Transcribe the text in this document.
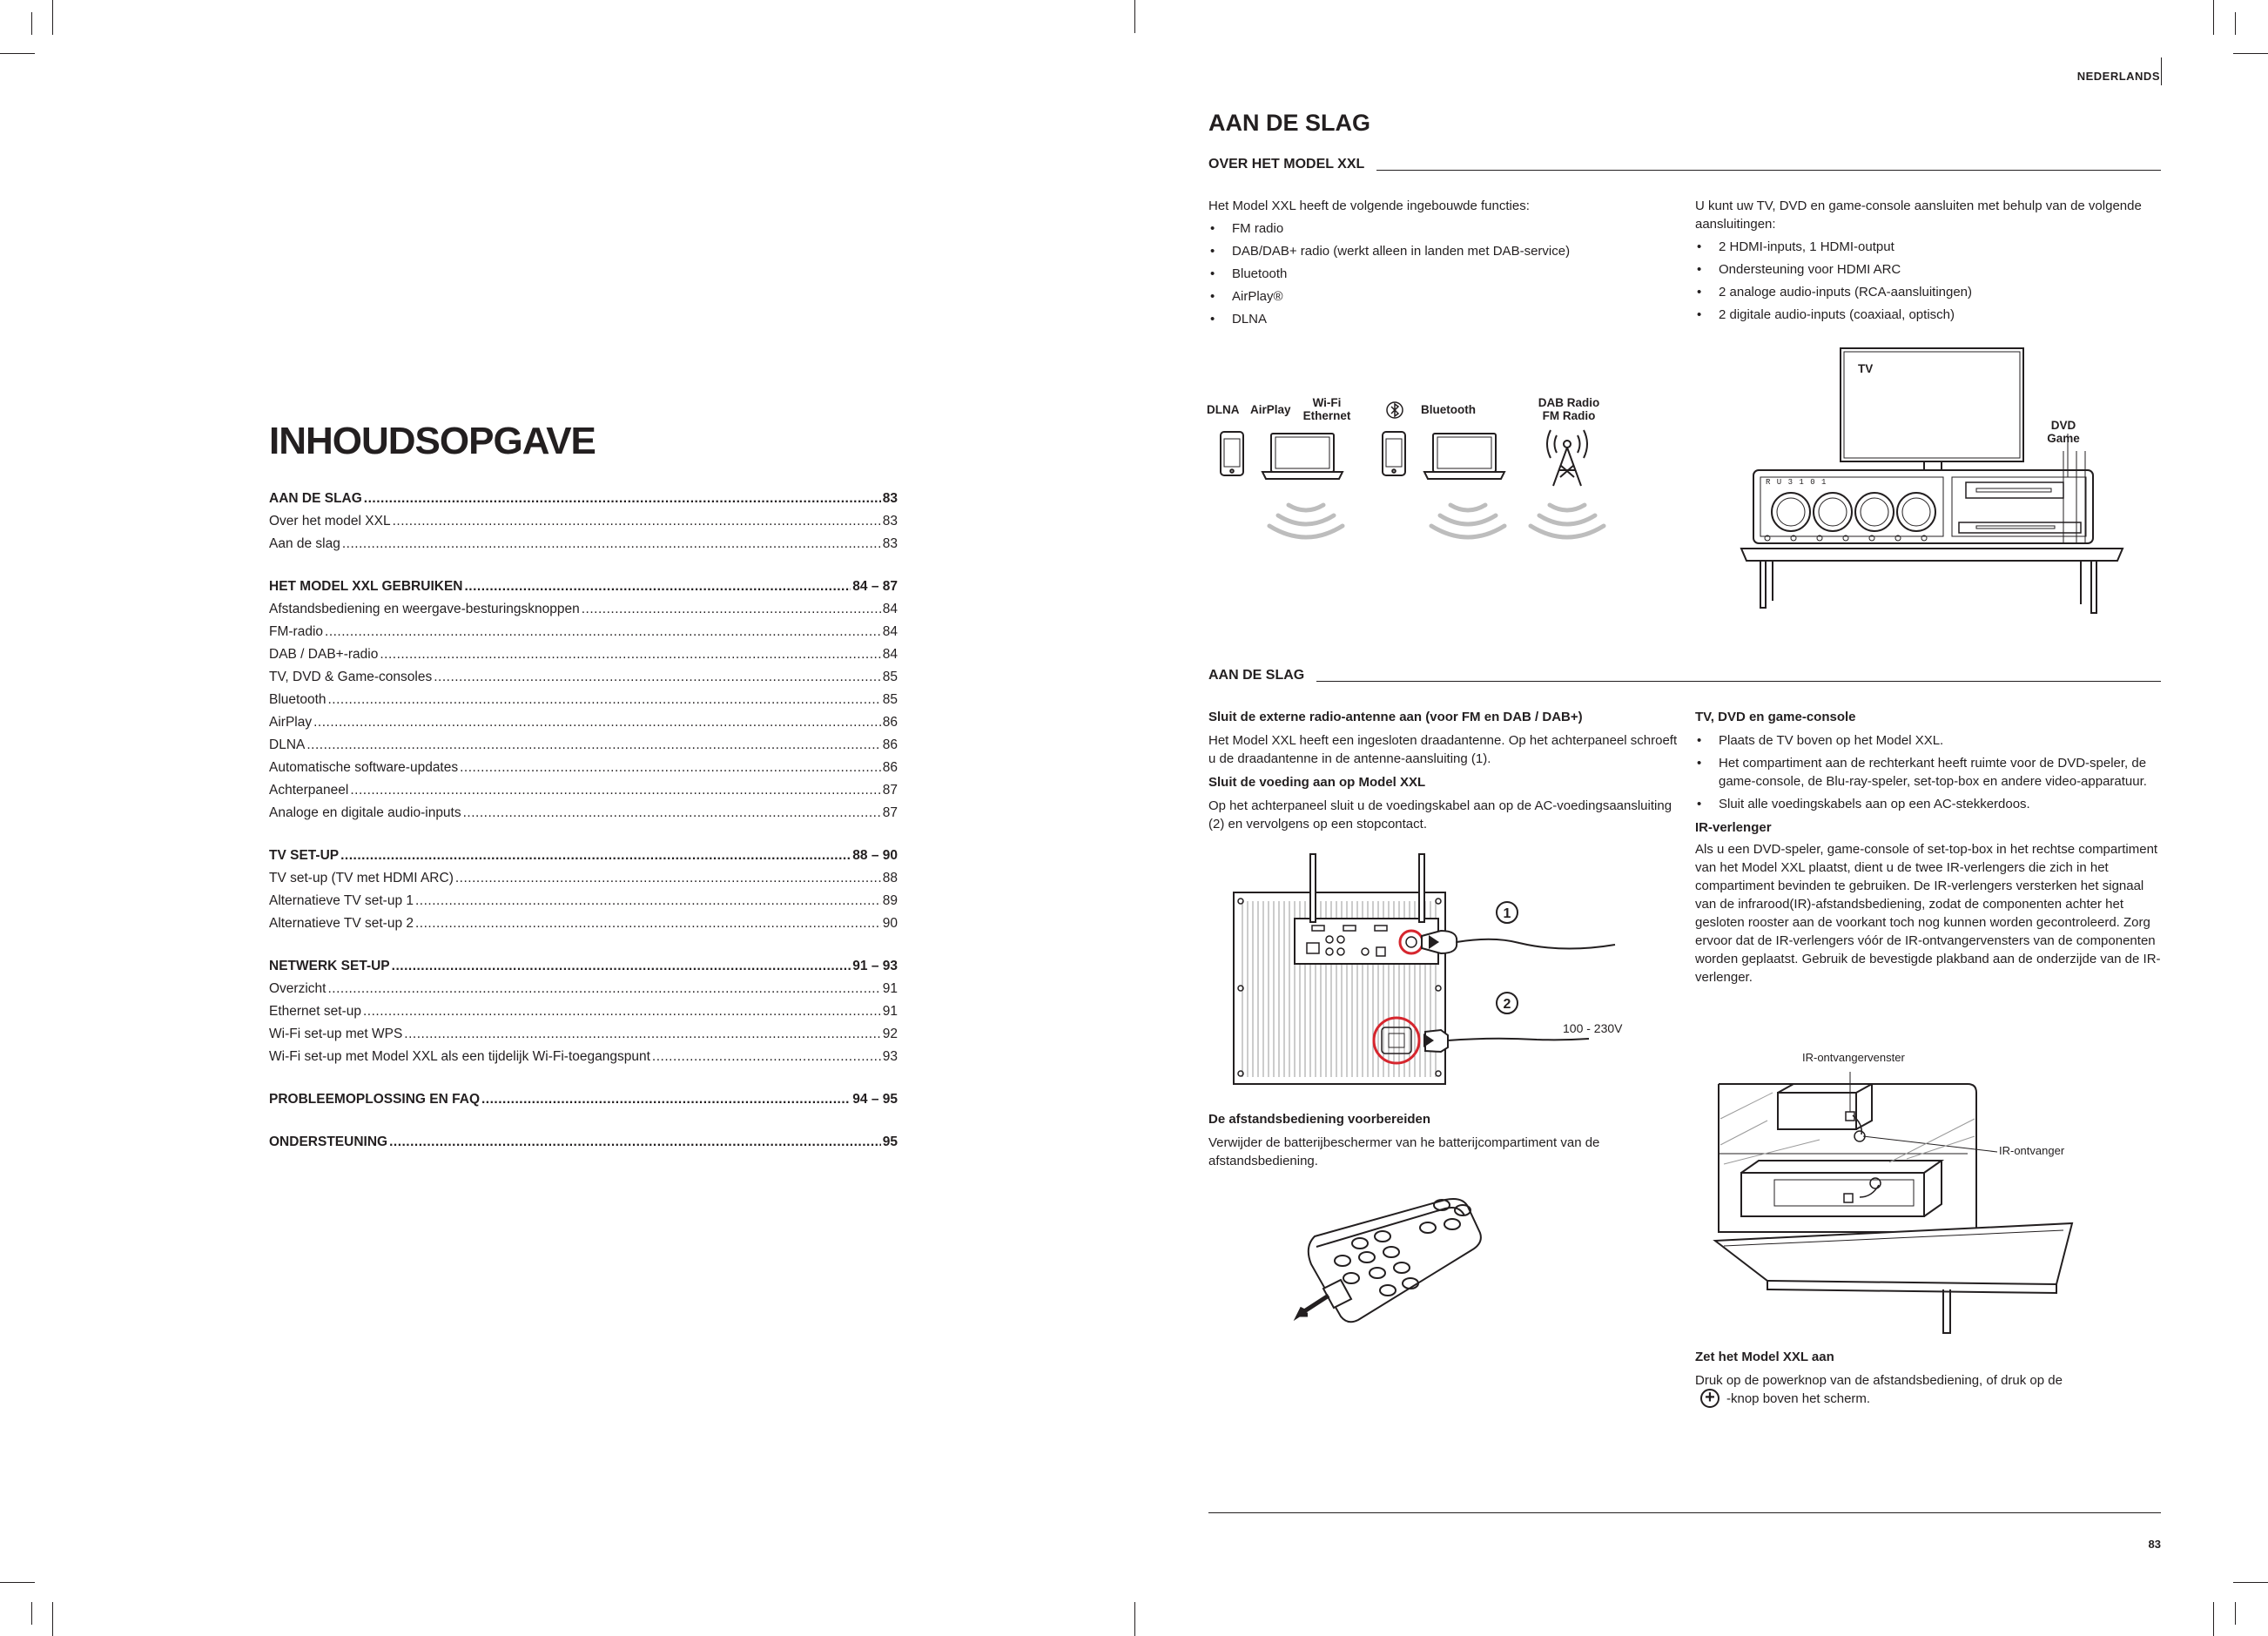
INHOUDSOPGAVE
AAN DE SLAG .....	83
Over het model XXL .....	83
Aan de slag .....	83
HET MODEL XXL GEBRUIKEN .....	84 – 87
Afstandsbediening en weergave-besturingsknoppen .....	84
FM-radio .....	84
DAB / DAB+-radio .....	84
TV, DVD & Game-consoles .....	85
Bluetooth .....	85
AirPlay .....	86
DLNA .....	86
Automatische software-updates .....	86
Achterpaneel .....	87
Analoge en digitale audio-inputs .....	87
TV SET-UP .....	88 – 90
TV set-up (TV met HDMI ARC) .....	88
Alternatieve TV set-up 1 .....	89
Alternatieve TV set-up 2 .....	90
NETWERK SET-UP .....	91 – 93
Overzicht .....	91
Ethernet set-up .....	91
Wi-Fi set-up met WPS .....	92
Wi-Fi set-up met Model XXL als een tijdelijk Wi-Fi-toegangspunt .....	93
PROBLEEMOPLOSSING EN FAQ .....	94 – 95
ONDERSTEUNING .....	95
NEDERLANDS
AAN DE SLAG
OVER HET MODEL XXL

Het Model XXL heeft de volgende ingebouwde functies:

• FM radio

• DAB/DAB+ radio (werkt alleen in landen met DAB-service)

• Bluetooth

• AirPlay®

• DLNA

U kunt uw TV, DVD en game-console aansluiten met behulp van de volgende aansluitingen:

• 2 HDMI-inputs, 1 HDMI-output

• Ondersteuning voor HDMI ARC

• 2 analoge audio-inputs (RCA-aansluitingen)

• 2 digitale audio-inputs (coaxiaal, optisch)

DLNA AirPlay
Wi-Fi
Ethernet	Bluetooth
DAB Radio
FM Radio
TV
DVD
Game
R U 3 1 0 1
AAN DE SLAG

Sluit de externe radio-antenne aan (voor FM en DAB / DAB+)

Het Model XXL heeft een ingesloten draadantenne. Op het achterpaneel schroeft u de draadantenne in de antenne-aansluiting (1).

Sluit de voeding aan op Model XXL

Op het achterpaneel sluit u de voedingskabel aan op de AC-voedingsaansluiting (2) en vervolgens op een stopcontact.

1
2
100 - 230V

De afstandsbediening voorbereiden

Verwijder de batterijbeschermer van he batterijcompartiment van de afstandsbediening.

TV, DVD en game-console

• Plaats de TV boven op het Model XXL.

• Het compartiment aan de rechterkant heeft ruimte voor de DVD-speler, de game-console, de Blu-ray-speler, set-top-box en andere video-apparatuur.

• Sluit alle voedingskabels aan op een AC-stekkerdoos.

IR-verlenger

Als u een DVD-speler, game-console of set-top-box in het rechtse compartiment van het Model XXL plaatst, dient u de twee IR-verlengers die zich in het compartiment bevinden te gebruiken. De IR-verlengers versterken het signaal van de infrarood(IR)-afstandsbediening, zodat de componenten achter het gesloten rooster aan de voorkant toch nog kunnen worden gecontroleerd. Zorg ervoor dat de IR-verlengers vóór de IR-ontvangervensters van de componenten worden geplaatst. Gebruik de bevestigde plakband aan de onderzijde van de IR-verlenger.

IR-ontvangervenster
IR-ontvanger

Zet het Model XXL aan

Druk op de powerknop van de afstandsbediening, of druk op de

+ -knop boven het scherm.

83
